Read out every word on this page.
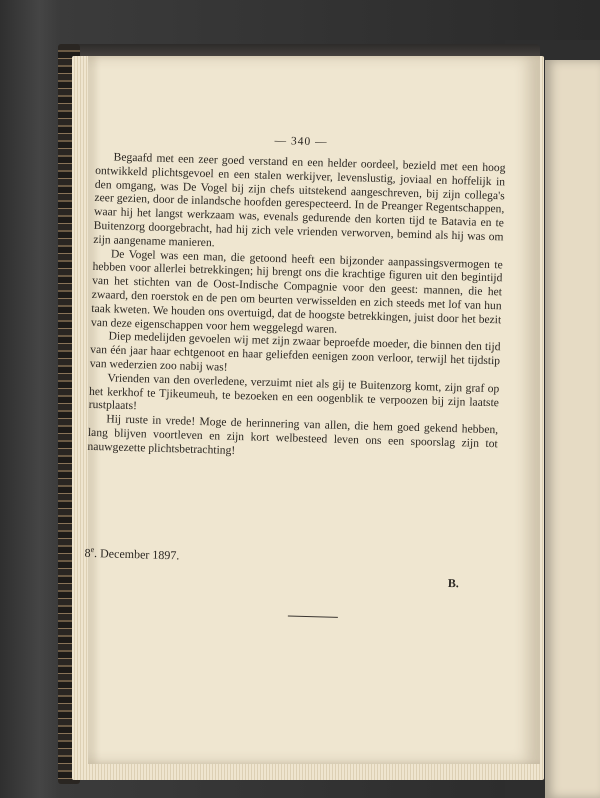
— 340 —

Begaafd met een zeer goed verstand en een helder oordeel, bezield met een hoog ontwikkeld plichtsgevoel en een stalen werkijver, levenslustig, joviaal en hoffelijk in den omgang, was De Vogel bij zijn chefs uitstekend aangeschreven, bij zijn collega's zeer gezien, door de inlandsche hoofden gerespecteerd. In de Preanger Regentschappen, waar hij het langst werkzaam was, evenals gedurende den korten tijd te Batavia en te Buitenzorg doorgebracht, had hij zich vele vrienden verworven, bemind als hij was om zijn aangename manieren.

De Vogel was een man, die getoond heeft een bijzonder aanpassingsvermogen te hebben voor allerlei betrekkingen; hij brengt ons die krachtige figuren uit den begintijd van het stichten van de Oost-Indische Compagnie voor den geest: mannen, die het zwaard, den roerstok en de pen om beurten verwisselden en zich steeds met lof van hun taak kweten. We houden ons overtuigd, dat de hoogste betrekkingen, juist door het bezit van deze eigenschappen voor hem weggelegd waren.

Diep medelijden gevoelen wij met zijn zwaar beproefde moeder, die binnen den tijd van één jaar haar echtgenoot en haar geliefden eenigen zoon verloor, terwijl het tijdstip van wederzien zoo nabij was!

Vrienden van den overledene, verzuimt niet als gij te Buitenzorg komt, zijn graf op het kerkhof te Tjikeumeuh, te bezoeken en een oogenblik te verpoozen bij zijn laatste rustplaats!

Hij ruste in vrede! Moge de herinnering van allen, die hem goed gekend hebben, lang blijven voortleven en zijn kort welbesteed leven ons een spoorslag zijn tot nauwgezette plichtsbetrachting!

8e. December 1897.
B.
